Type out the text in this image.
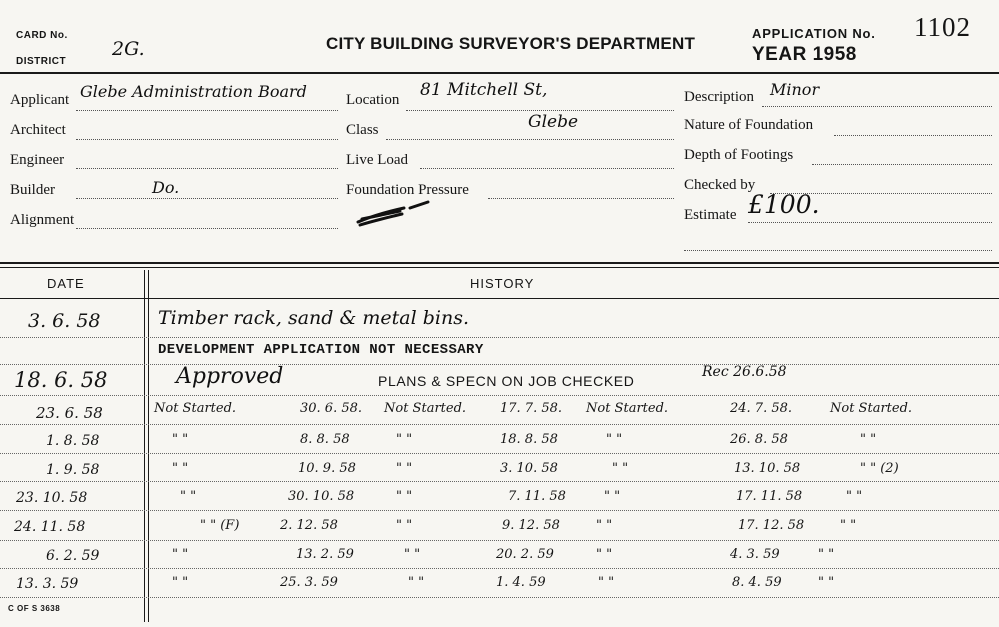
CARD No.
DISTRICT
2G.	CITY BUILDING SURVEYOR'S DEPARTMENT
APPLICATION No.
YEAR 1958
1102
Applicant Glebe Administration Board
Architect
Engineer
Builder	Do.
Alignment
Location 81 Mitchell St,
Class	Glebe
Live Load
Foundation Pressure
Description Minor
Nature of Foundation
Depth of Footings
Checked by
Estimate £100.
DATE	HISTORY
3. 6. 58	Timber rack, sand & metal bins.
DEVELOPMENT APPLICATION NOT NECESSARY
18. 6. 58	Approved	PLANS & SPECN ON JOB CHECKED
Rec 26.6.58
23. 6. 58	Not Started.	30. 6. 58. Not Started.	17. 7. 58. Not Started.	24. 7. 58.	Not Started.
1. 8. 58	" "	8. 8. 58	" "	18. 8. 58	" "	26. 8. 58	" "
1. 9. 58	" "	10. 9. 58	" "	3. 10. 58	" "	13. 10. 58	" " (2)
23. 10. 58	" "	30. 10. 58	" "	7. 11. 58	" "	17. 11. 58	" "
24. 11. 58	" " (F)	2. 12. 58	" "	9. 12. 58	" "	17. 12. 58	" "
6. 2. 59	" "	13. 2. 59	" "	20. 2. 59	" "	4. 3. 59	" "
13. 3. 59	" "	25. 3. 59	" "	1. 4. 59	" "	8. 4. 59	" "
C OF S 3638
